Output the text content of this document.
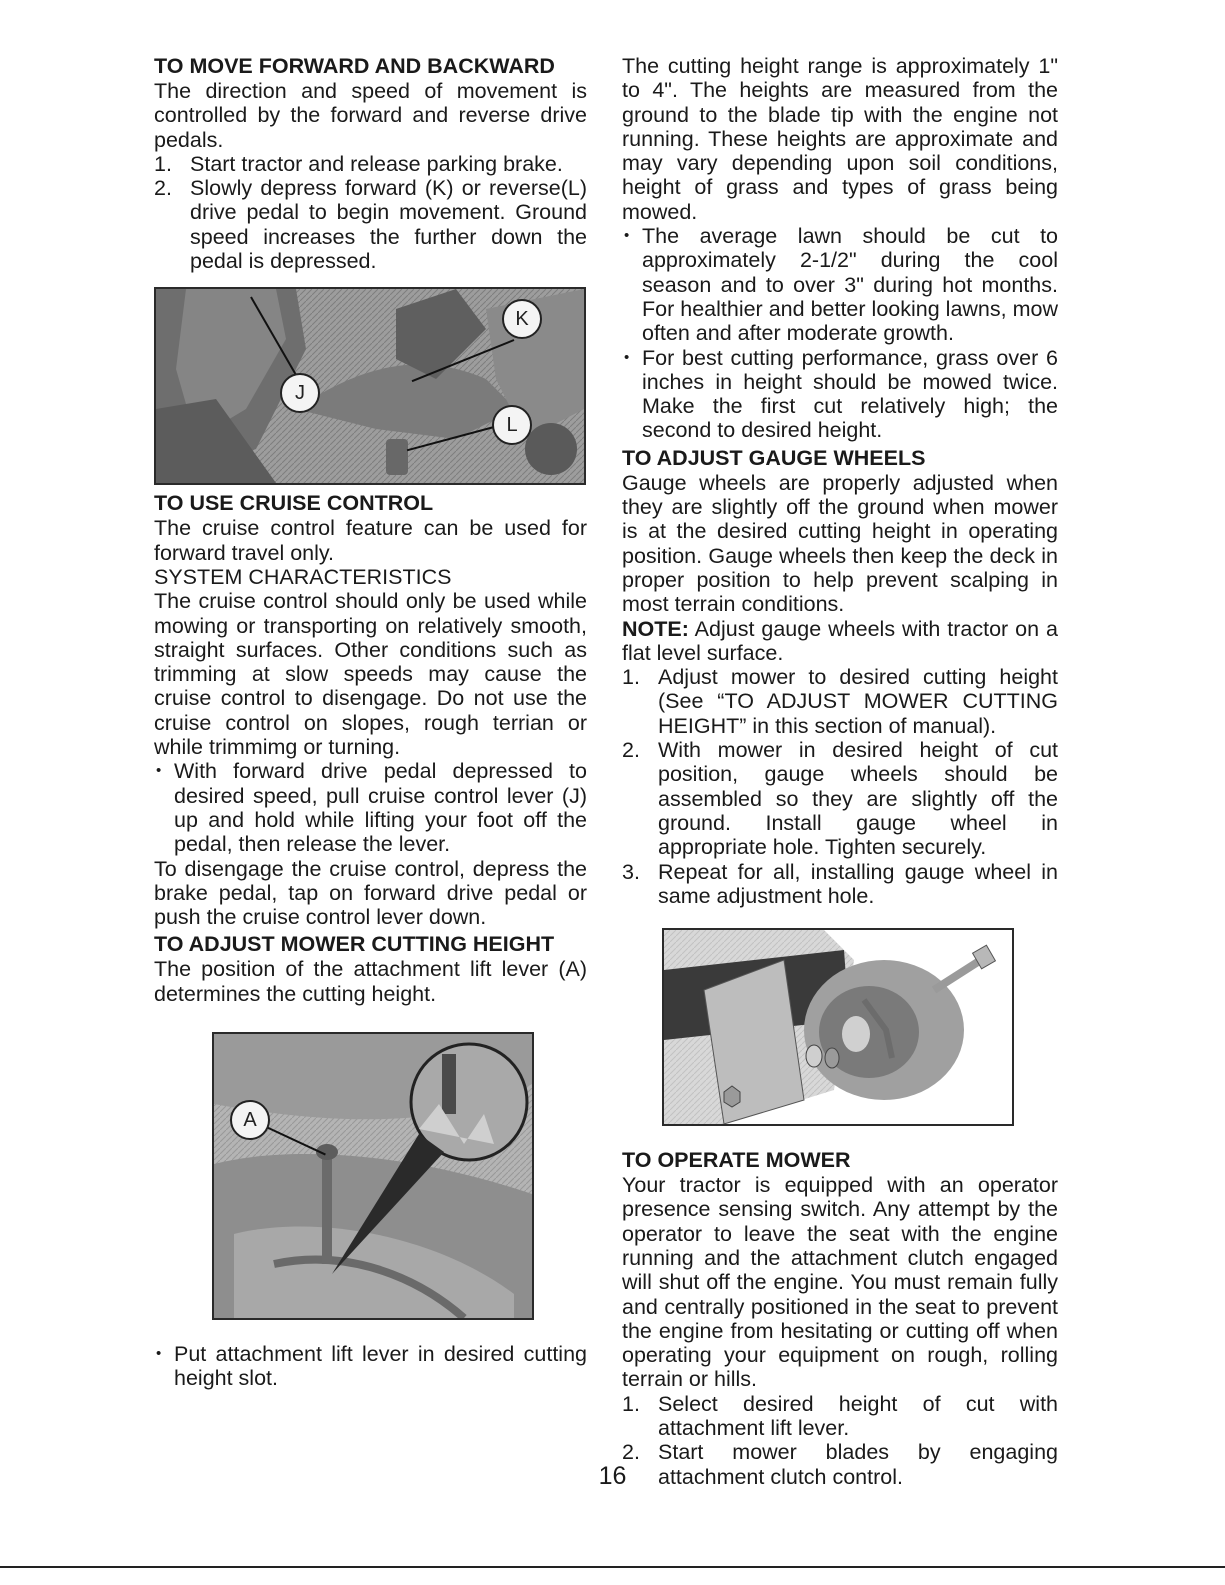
TO MOVE FORWARD AND BACKWARD

The direction and speed of movement is controlled by the forward and reverse drive pedals.

1. Start tractor and release parking brake.
2. Slowly depress forward (K) or reverse(L) drive pedal to begin movement. Ground speed increases the further down the pedal is depressed.
K
J
L
TO USE CRUISE CONTROL

The cruise control feature can be used for forward travel only.

SYSTEM CHARACTERISTICS

The cruise control should only be used while mowing or transporting on relatively smooth, straight surfaces. Other conditions such as trimming at slow speeds may cause the cruise control to disengage. Do not use the cruise control on slopes, rough terrian or while trimmimg or turning.

• With forward drive pedal depressed to desired speed, pull cruise control lever (J) up and hold while lifting your foot off the pedal, then release the lever.

To disengage the cruise control, depress the brake pedal, tap on forward drive pedal or push the cruise control lever down.

TO ADJUST MOWER CUTTING HEIGHT

The position of the attachment lift lever (A) determines the cutting height.

A
• Put attachment lift lever in desired cutting height slot.

The cutting height range is approximately 1" to 4". The heights are measured from the ground to the blade tip with the engine not running. These heights are approximate and may vary depending upon soil conditions, height of grass and types of grass being mowed.

• The average lawn should be cut to approximately 2-1/2" during the cool season and to over 3" during hot months. For healthier and better looking lawns, mow often and after moderate growth.
• For best cutting performance, grass over 6 inches in height should be mowed twice. Make the first cut relatively high; the second to desired height.
TO ADJUST GAUGE WHEELS

Gauge wheels are properly adjusted when they are slightly off the ground when mower is at the desired cutting height in operating position. Gauge wheels then keep the deck in proper position to help prevent scalping in most terrain conditions.

NOTE: Adjust gauge wheels with tractor on a flat level surface.

1. Adjust mower to desired cutting height (See “TO ADJUST MOWER CUTTING HEIGHT” in this section of manual).
2. With mower in desired height of cut position, gauge wheels should be assembled so they are slightly off the ground. Install gauge wheel in appropriate hole. Tighten securely.
3. Repeat for all, installing gauge wheel in same adjustment hole.
TO OPERATE MOWER

Your tractor is equipped with an operator presence sensing switch. Any attempt by the operator to leave the seat with the engine running and the attachment clutch engaged will shut off the engine. You must remain fully and centrally positioned in the seat to prevent the engine from hesitating or cutting off when operating your equipment on rough, rolling terrain or hills.

1. Select desired height of cut with attachment lift lever.
2. Start mower blades by engaging attachment clutch control.
16
